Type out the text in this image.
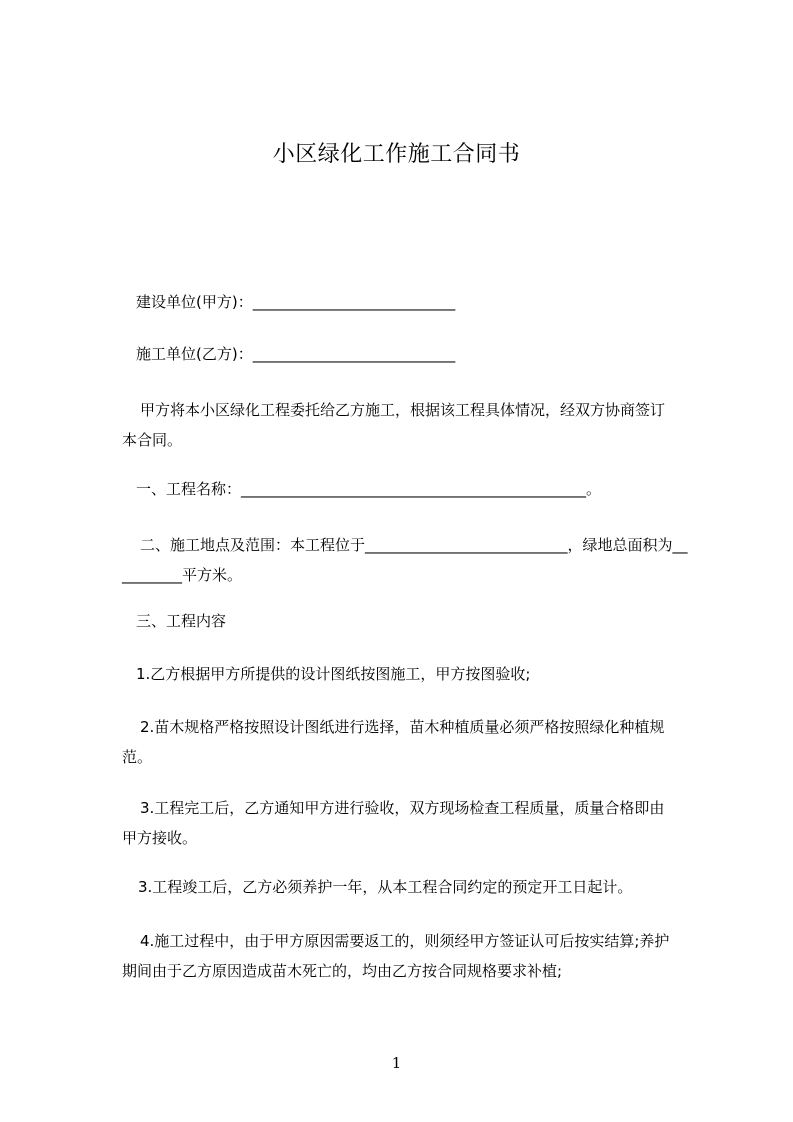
小区绿化工作施工合同书
建设单位(甲方)：___________________________
施工单位(乙方)：___________________________
甲方将本小区绿化工程委托给乙方施工，根据该工程具体情况，经双方协商签订
本合同。
一、工程名称：______________________________________________。
二、施工地点及范围：本工程位于___________________________，绿地总面积为__
________平方米。
三、工程内容
1.乙方根据甲方所提供的设计图纸按图施工，甲方按图验收;
2.苗木规格严格按照设计图纸进行选择，苗木种植质量必须严格按照绿化种植规
范。
3.工程完工后，乙方通知甲方进行验收，双方现场检查工程质量，质量合格即由
甲方接收。
3.工程竣工后，乙方必须养护一年，从本工程合同约定的预定开工日起计。
4.施工过程中，由于甲方原因需要返工的，则须经甲方签证认可后按实结算;养护
期间由于乙方原因造成苗木死亡的，均由乙方按合同规格要求补植;
1
